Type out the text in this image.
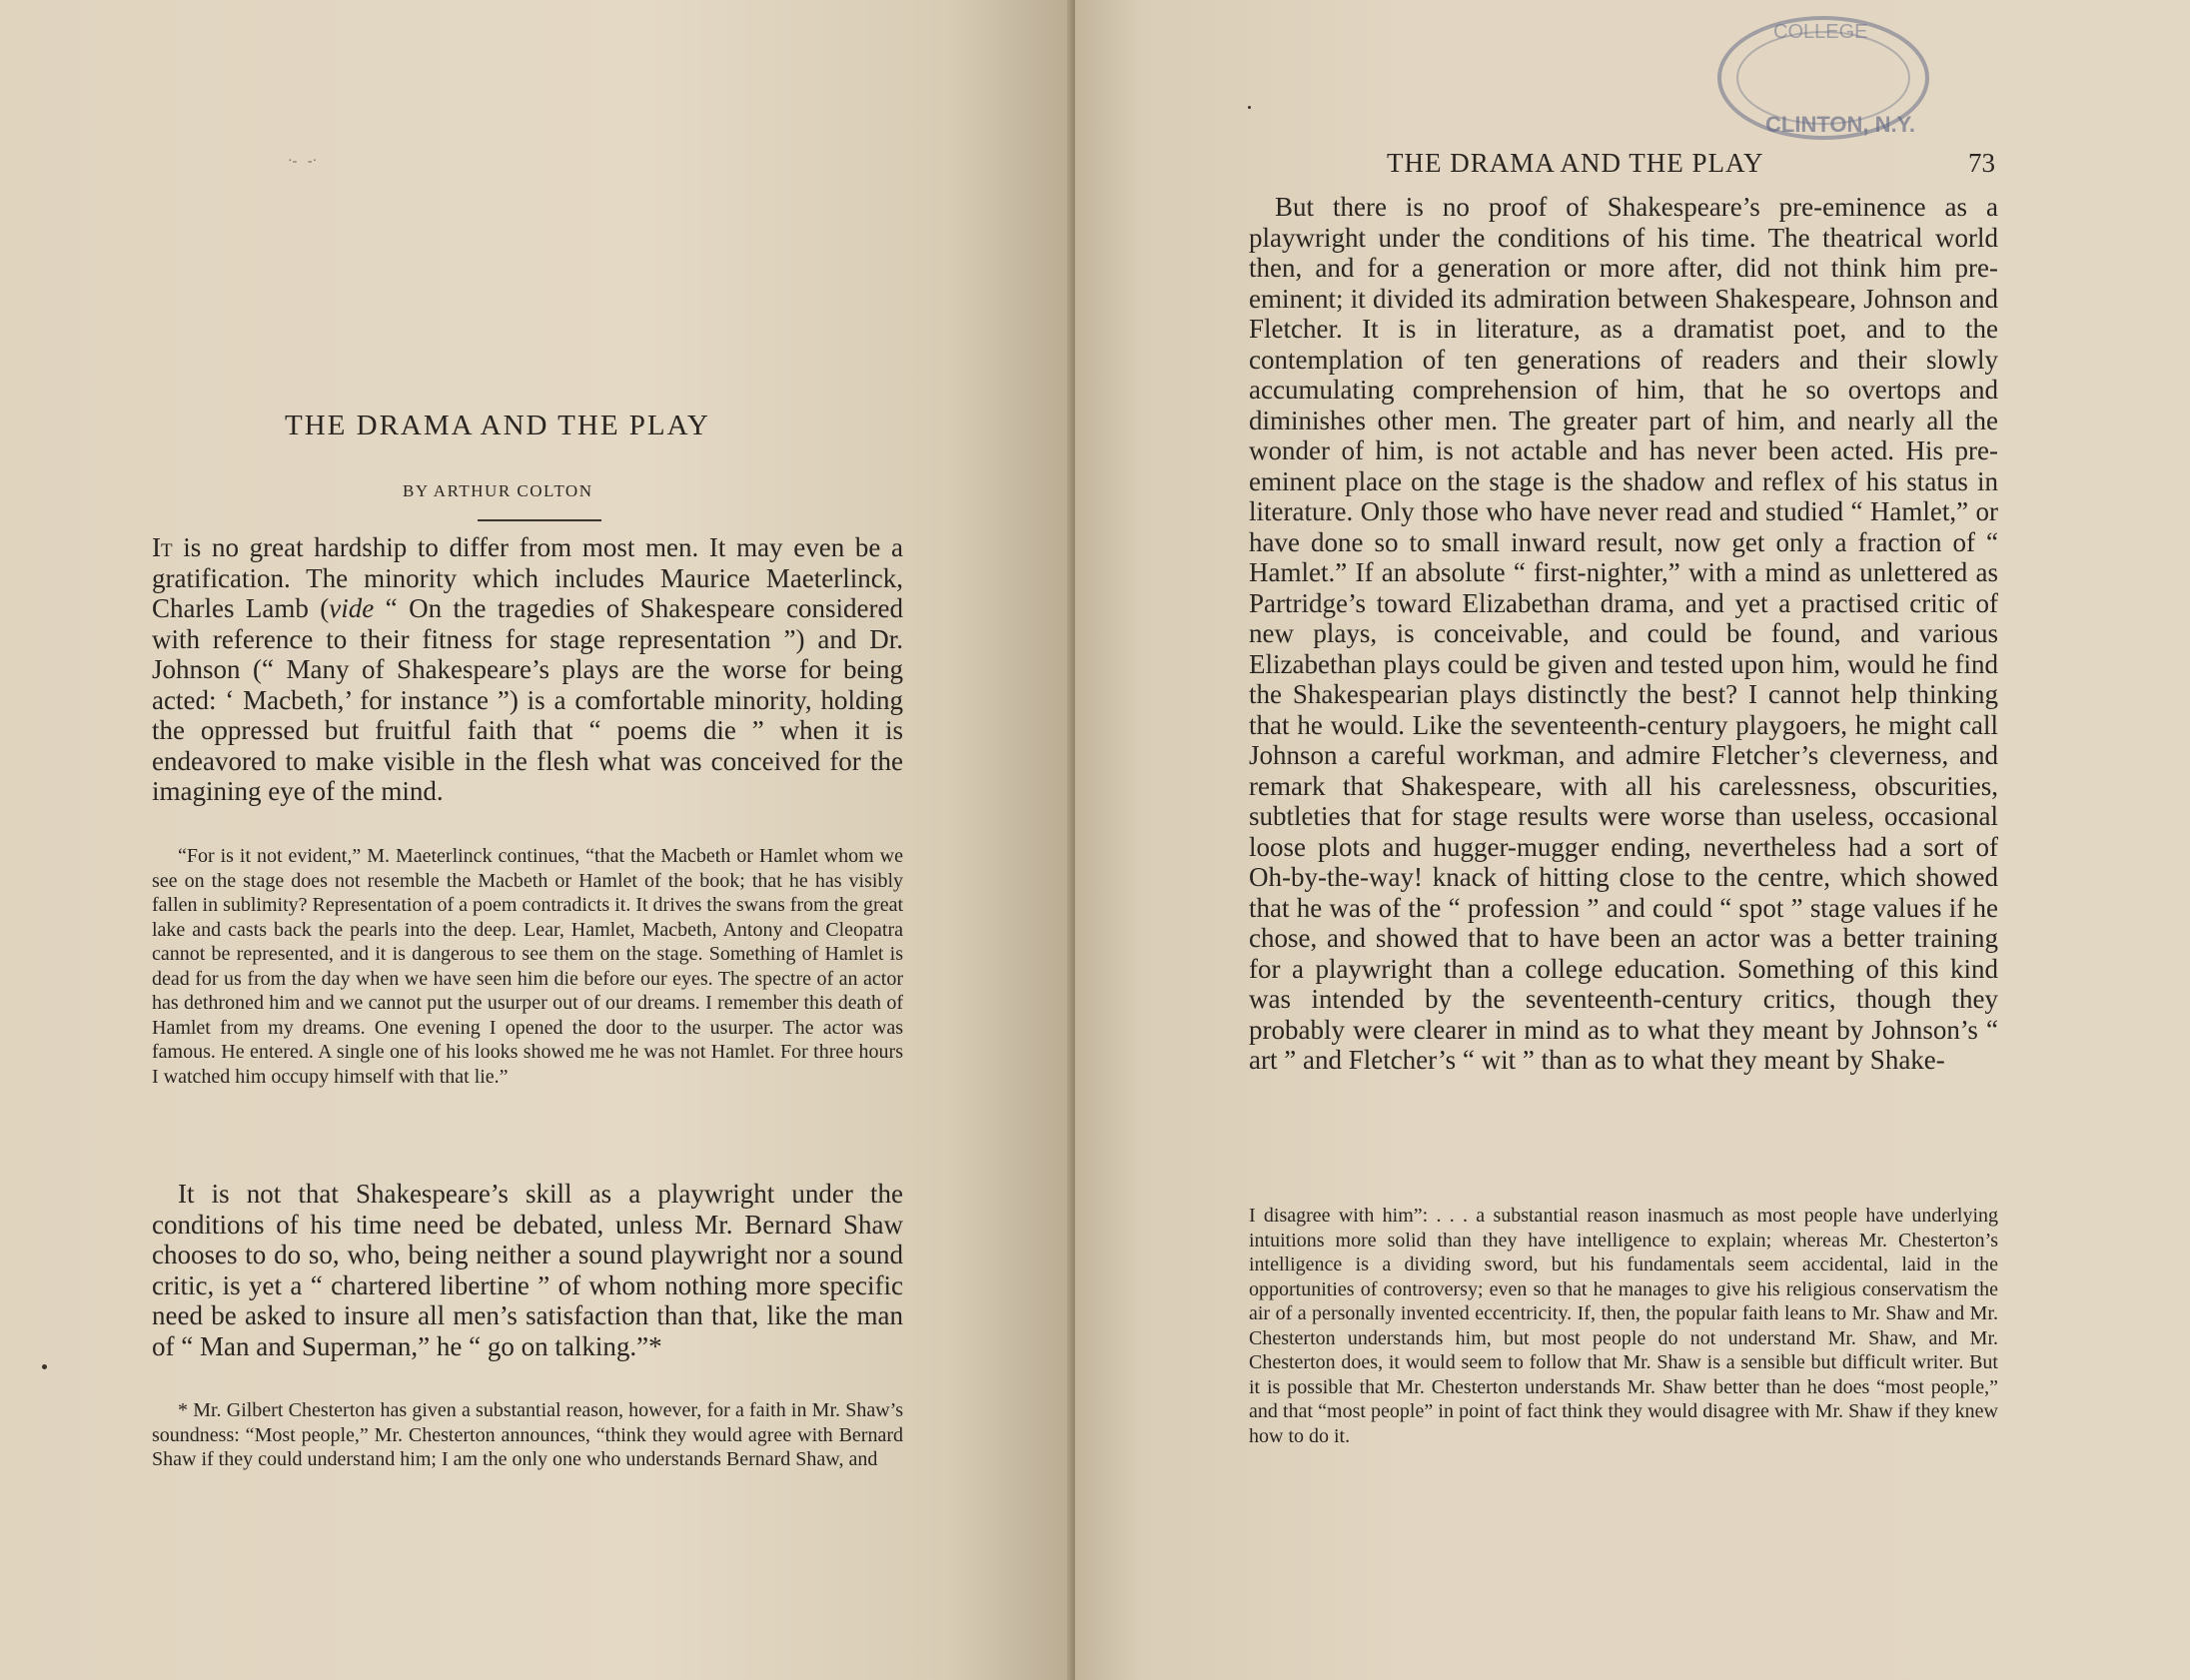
·-   -·
THE DRAMA AND THE PLAY
BY ARTHUR COLTON

It is no great hardship to differ from most men. It may even be a gratification. The minority which includes Maurice Maeterlinck, Charles Lamb (vide “ On the tragedies of Shakespeare considered with reference to their fitness for stage representation ”) and Dr. Johnson (“ Many of Shakespeare’s plays are the worse for being acted: ‘ Macbeth,’ for instance ”) is a comfortable minority, holding the oppressed but fruitful faith that “ poems die ” when it is endeavored to make visible in the flesh what was conceived for the imagining eye of the mind.

“For is it not evident,” M. Maeterlinck continues, “that the Macbeth or Hamlet whom we see on the stage does not resemble the Macbeth or Hamlet of the book; that he has visibly fallen in sublimity? Representation of a poem contradicts it. It drives the swans from the great lake and casts back the pearls into the deep. Lear, Hamlet, Macbeth, Antony and Cleopatra cannot be represented, and it is dangerous to see them on the stage. Something of Hamlet is dead for us from the day when we have seen him die before our eyes. The spectre of an actor has dethroned him and we cannot put the usurper out of our dreams. I remember this death of Hamlet from my dreams. One evening I opened the door to the usurper. The actor was famous. He entered. A single one of his looks showed me he was not Hamlet. For three hours I watched him occupy himself with that lie.”

It is not that Shakespeare’s skill as a playwright under the conditions of his time need be debated, unless Mr. Bernard Shaw chooses to do so, who, being neither a sound playwright nor a sound critic, is yet a “ chartered libertine ” of whom nothing more specific need be asked to insure all men’s satisfaction than that, like the man of “ Man and Superman,” he “ go on talking.”*

* Mr. Gilbert Chesterton has given a substantial reason, however, for a faith in Mr. Shaw’s soundness: “Most people,” Mr. Chesterton announces, “think they would agree with Bernard Shaw if they could understand him; I am the only one who understands Bernard Shaw, and

COLLEGE
CLINTON, N.Y.
THE DRAMA AND THE PLAY	73

But there is no proof of Shakespeare’s pre-eminence as a playwright under the conditions of his time. The theatrical world then, and for a generation or more after, did not think him pre-eminent; it divided its admiration between Shakespeare, Johnson and Fletcher. It is in literature, as a dramatist poet, and to the contemplation of ten generations of readers and their slowly accumulating comprehension of him, that he so overtops and diminishes other men. The greater part of him, and nearly all the wonder of him, is not actable and has never been acted. His pre-eminent place on the stage is the shadow and reflex of his status in literature. Only those who have never read and studied “ Hamlet,” or have done so to small inward result, now get only a fraction of “ Hamlet.” If an absolute “ first-nighter,” with a mind as unlettered as Partridge’s toward Elizabethan drama, and yet a practised critic of new plays, is conceivable, and could be found, and various Elizabethan plays could be given and tested upon him, would he find the Shakespearian plays distinctly the best? I cannot help thinking that he would. Like the seventeenth-century playgoers, he might call Johnson a careful workman, and admire Fletcher’s cleverness, and remark that Shakespeare, with all his carelessness, obscurities, subtleties that for stage results were worse than useless, occasional loose plots and hugger-mugger ending, nevertheless had a sort of Oh-by-the-way! knack of hitting close to the centre, which showed that he was of the “ profession ” and could “ spot ” stage values if he chose, and showed that to have been an actor was a better training for a playwright than a college education. Something of this kind was intended by the seventeenth-century critics, though they probably were clearer in mind as to what they meant by Johnson’s “ art ” and Fletcher’s “ wit ” than as to what they meant by Shake-

I disagree with him”: . . . a substantial reason inasmuch as most people have underlying intuitions more solid than they have intelligence to explain; whereas Mr. Chesterton’s intelligence is a dividing sword, but his fundamentals seem accidental, laid in the opportunities of controversy; even so that he manages to give his religious conservatism the air of a personally invented eccentricity. If, then, the popular faith leans to Mr. Shaw and Mr. Chesterton understands him, but most people do not understand Mr. Shaw, and Mr. Chesterton does, it would seem to follow that Mr. Shaw is a sensible but difficult writer. But it is possible that Mr. Chesterton understands Mr. Shaw better than he does “most people,” and that “most people” in point of fact think they would disagree with Mr. Shaw if they knew how to do it.
